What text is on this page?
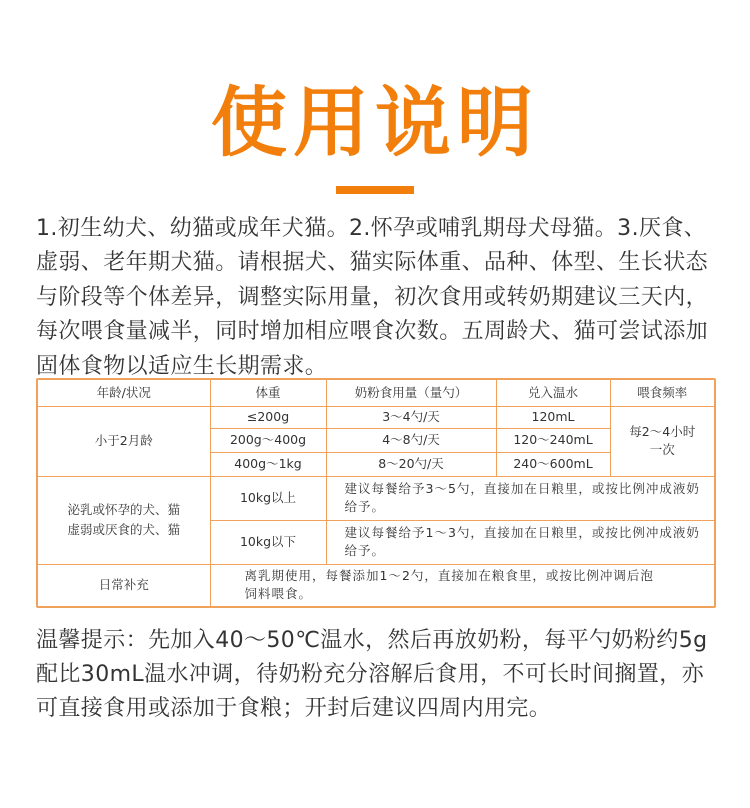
使用说明
1.初生幼犬、幼猫或成年犬猫。2.怀孕或哺乳期母犬母猫。3.厌食、虚弱、老年期犬猫。请根据犬、猫实际体重、品种、体型、生长状态与阶段等个体差异，调整实际用量，初次食用或转奶期建议三天内，每次喂食量减半，同时增加相应喂食次数。五周龄犬、猫可尝试添加固体食物以适应生长期需求。
年龄/状况	体重	奶粉食用量（量勺）	兑入温水	喂食频率
小于2月龄	≤200g	3～4勺/天	120mL	每2～4小时一次
	200g～400g	4～8勺/天	120～240mL	
	400g～1kg	8～20勺/天	240～600mL	
泌乳或怀孕的犬、猫
虚弱或厌食的犬、猫	10kg以上	建议每餐给予3～5勺，直接加在日粮里，或按比例冲成液奶给予。		
	10kg以下	建议每餐给予1～3勺，直接加在日粮里，或按比例冲成液奶给予。		
日常补充	离乳期使用，每餐添加1～2勺，直接加在粮食里，或按比例冲调后泡饲料喂食。			
温馨提示：先加入40～50℃温水，然后再放奶粉，每平勺奶粉约5g配比30mL温水冲调，待奶粉充分溶解后食用，不可长时间搁置，亦可直接食用或添加于食粮；开封后建议四周内用完。
